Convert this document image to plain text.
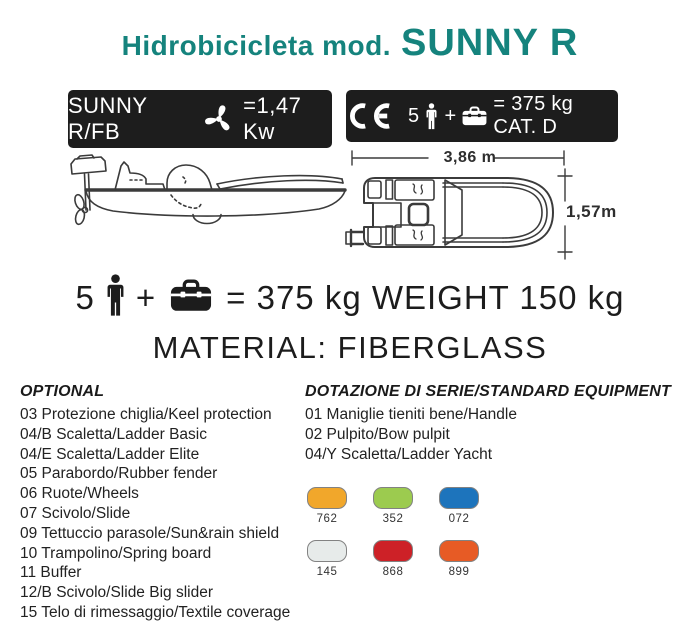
Hidrobicicleta mod. SUNNY R
SUNNY R/FB
=1,47 Kw
5 +
= 375 kg CAT. D
3,86 m
1,57m
5 + = 375 kg WEIGHT 150 kg
MATERIAL: FIBERGLASS
OPTIONAL
03 Protezione chiglia/Keel protection
04/B Scaletta/Ladder Basic
04/E Scaletta/Ladder Elite
05 Parabordo/Rubber fender
06 Ruote/Wheels
07 Scivolo/Slide
09 Tettuccio parasole/Sun&rain shield
10 Trampolino/Spring board
11 Buffer
12/B Scivolo/Slide Big slider
15 Telo di rimessaggio/Textile coverage
DOTAZIONE DI SERIE/STANDARD EQUIPMENT
01 Maniglie tieniti bene/Handle
02 Pulpito/Bow pulpit
04/Y Scaletta/Ladder Yacht
762	352	072
145	868	899
